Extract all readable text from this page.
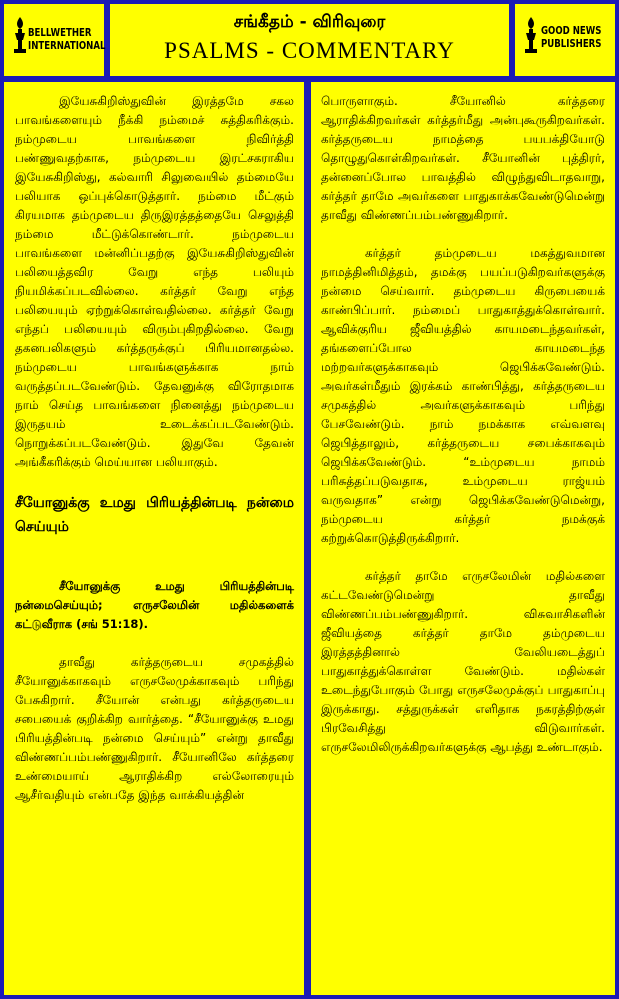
BELLWETHER
INTERNATIONAL
சங்கீதம் - விரிவுரை
PSALMS - COMMENTARY
GOOD NEWS
PUBLISHERS

இயேசுகிறிஸ்துவின் இரத்தமே சகல பாவங்களையும் நீக்கி நம்மைச் சுத்திகரிக்கும். நம்முடைய பாவங்களை நிவிர்த்தி பண்ணுவதற்காக, நம்முடைய இரட்சகராகிய இயேசுகிறிஸ்து, கல்வாரி சிலுவையில் தம்மையே பலியாக ஒப்புக்கொடுத்தார். நம்மை மீட்கும் கிரயமாக தம்முடைய திருஇரத்தத்தையே செலுத்தி நம்மை மீட்டுக்கொண்டார். நம்முடைய பாவங்களை மன்னிப்பதற்கு இயேசுகிறிஸ்துவின் பலியைத்தவிர வேறு எந்த பலியும் நியமிக்கப்படவில்லை. கர்த்தர் வேறு எந்த பலியையும் ஏற்றுக்கொள்வதில்லை. கர்த்தர் வேறு எந்தப் பலியையும் விரும்புகிறதில்லை. வேறு தகனபலிகளும் கர்த்தருக்குப் பிரியமானதல்ல. நம்முடைய பாவங்களுக்காக நாம் வருத்தப்படவேண்டும். தேவனுக்கு விரோதமாக நாம் செய்த பாவங்களை நினைத்து நம்முடைய இருதயம் உடைக்கப்படவேண்டும். நொறுக்கப்படவேண்டும். இதுவே தேவன் அங்கீகரிக்கும் மெய்யான பலியாகும்.

சீயோனுக்கு உமது பிரியத்தின்படி நன்மை செய்யும்

சீயோனுக்கு உமது பிரியத்தின்படி நன்மைசெய்யும்; எருசலேமின் மதில்களைக் கட்டுவீராக (சங் 51:18).

தாவீது கர்த்தருடைய சமுகத்தில் சீயோனுக்காகவும் எருசலேமுக்காகவும் பரிந்து பேசுகிறார். சீயோன் என்பது கர்த்தருடைய சபையைக் குறிக்கிற வார்த்தை. “சீயோனுக்கு உமது பிரியத்தின்படி நன்மை செய்யும்” என்று தாவீது விண்ணப்பம்பண்ணுகிறார். சீயோனிலே கர்த்தரை உண்மையாய் ஆராதிக்கிற எல்லோரையும் ஆசீர்வதியும் என்பதே இந்த வாக்கியத்தின்

பொருளாகும். சீயோனில் கர்த்தரை ஆராதிக்கிறவர்கள் கர்த்தர்மீது அன்புகூருகிறவர்கள். கர்த்தருடைய நாமத்தை பயபக்தியோடு தொழுதுகொள்கிறவர்கள். சீயோனின் புத்திரர், தன்னைப்போல பாவத்தில் விழுந்துவிடாதவாறு, கர்த்தர் தாமே அவர்களை பாதுகாக்கவேண்டுமென்று தாவீது விண்ணப்பம்பண்ணுகிறார்.

கர்த்தர் தம்முடைய மகத்துவமான நாமத்தினிமித்தம், தமக்கு பயப்படுகிறவர்களுக்கு நன்மை செய்வார். தம்முடைய கிருபையைக் காண்பிப்பார். நம்மைப் பாதுகாத்துக்கொள்வார். ஆவிக்குரிய ஜீவியத்தில் காயமடைந்தவர்கள், தங்களைப்போல காயமடைந்த மற்றவர்களுக்காகவும் ஜெபிக்கவேண்டும். அவர்கள்மீதும் இரக்கம் காண்பித்து, கர்த்தருடைய சமுகத்தில் அவர்களுக்காகவும் பரிந்து பேசவேண்டும். நாம் நமக்காக எவ்வளவு ஜெபித்தாலும், கர்த்தருடைய சபைக்காகவும் ஜெபிக்கவேண்டும். “உம்முடைய நாமம் பரிசுத்தப்படுவதாக, உம்முடைய ராஜ்யம் வருவதாக” என்று ஜெபிக்கவேண்டுமென்று, நம்முடைய கர்த்தர் நமக்குக் கற்றுக்கொடுத்திருக்கிறார்.

கர்த்தர் தாமே எருசலேமின் மதில்களை கட்டவேண்டுமென்று தாவீது விண்ணப்பம்பண்ணுகிறார். விசுவாசிகளின் ஜீவியத்தை கர்த்தர் தாமே தம்முடைய இரத்தத்தினால் வேலியடைத்துப் பாதுகாத்துக்கொள்ள வேண்டும். மதில்கள் உடைந்துபோகும் போது எருசலேமுக்குப் பாதுகாப்பு இருக்காது. சத்துருக்கள் எளிதாக நகரத்திற்குள் பிரவேசித்து விடுவார்கள். எருசலேமிலிருக்கிறவர்களுக்கு ஆபத்து உண்டாகும்.
